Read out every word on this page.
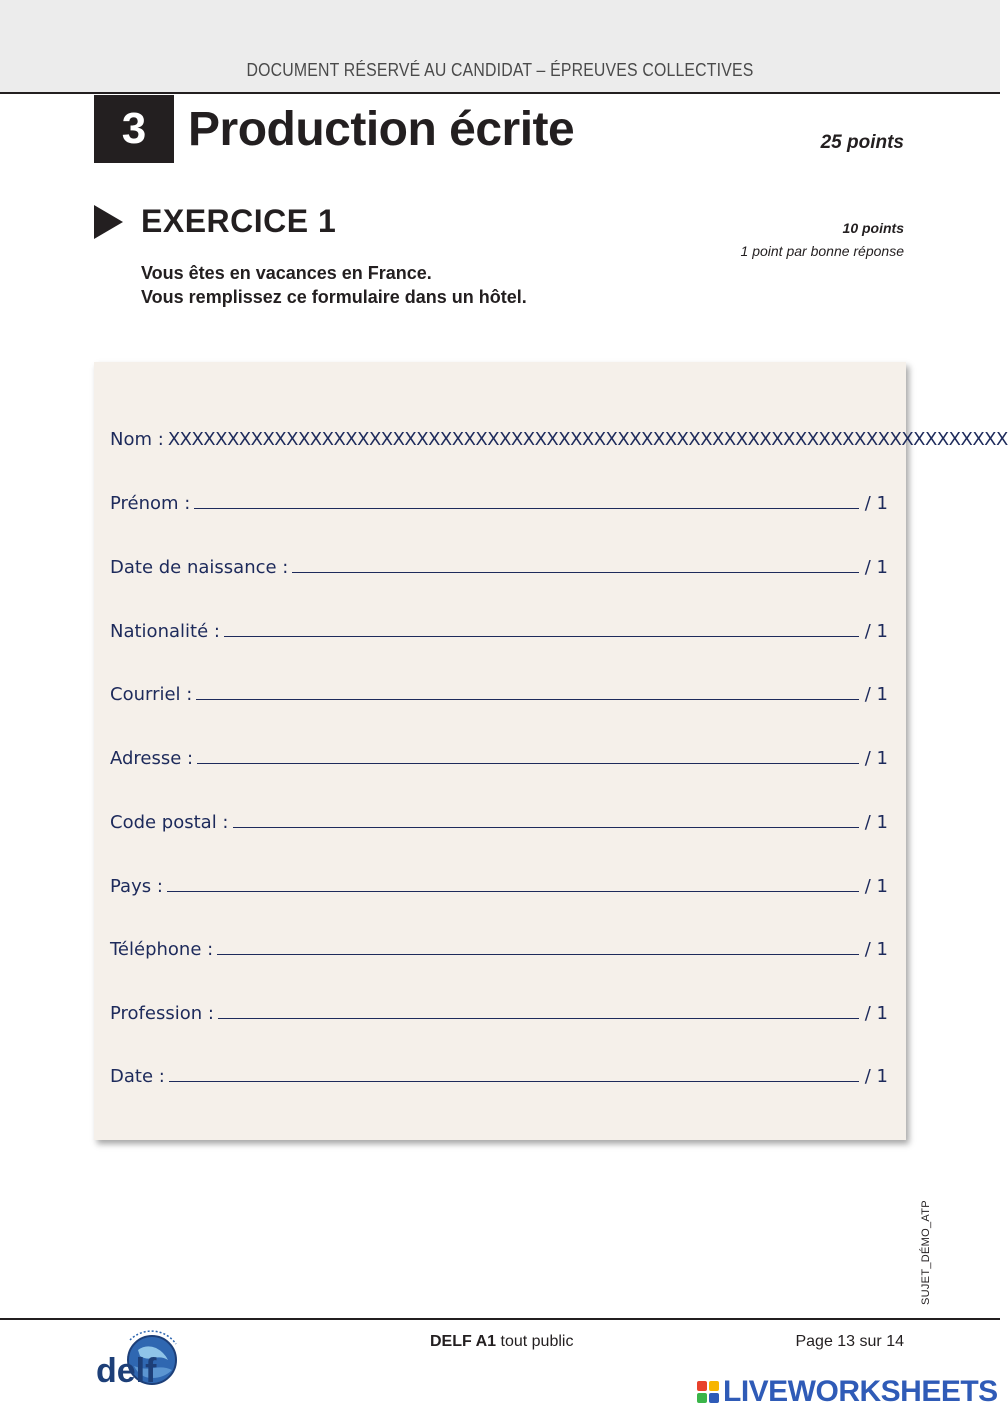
DOCUMENT RÉSERVÉ AU CANDIDAT – ÉPREUVES COLLECTIVES
3 Production écrite	25 points
EXERCICE 1	10 points
1 point par bonne réponse
Vous êtes en vacances en France.
Vous remplissez ce formulaire dans un hôtel.
Nom : XXXXXXXXXXXXXXXXXXXXXXXXXXXXXXXXXXXXXXXXXXXXXXXXXXXXXXXXXXXXXXXXXXXXXXX
Prénom :	/ 1
Date de naissance :	/ 1
Nationalité :	/ 1
Courriel :	/ 1
Adresse :	/ 1
Code postal :	/ 1
Pays :	/ 1
Téléphone :	/ 1
Profession :	/ 1
Date :	/ 1
SUJET_DÉMO_ATP
delf
DELF A1 tout public	Page 13 sur 14
LIVEWORKSHEETS
